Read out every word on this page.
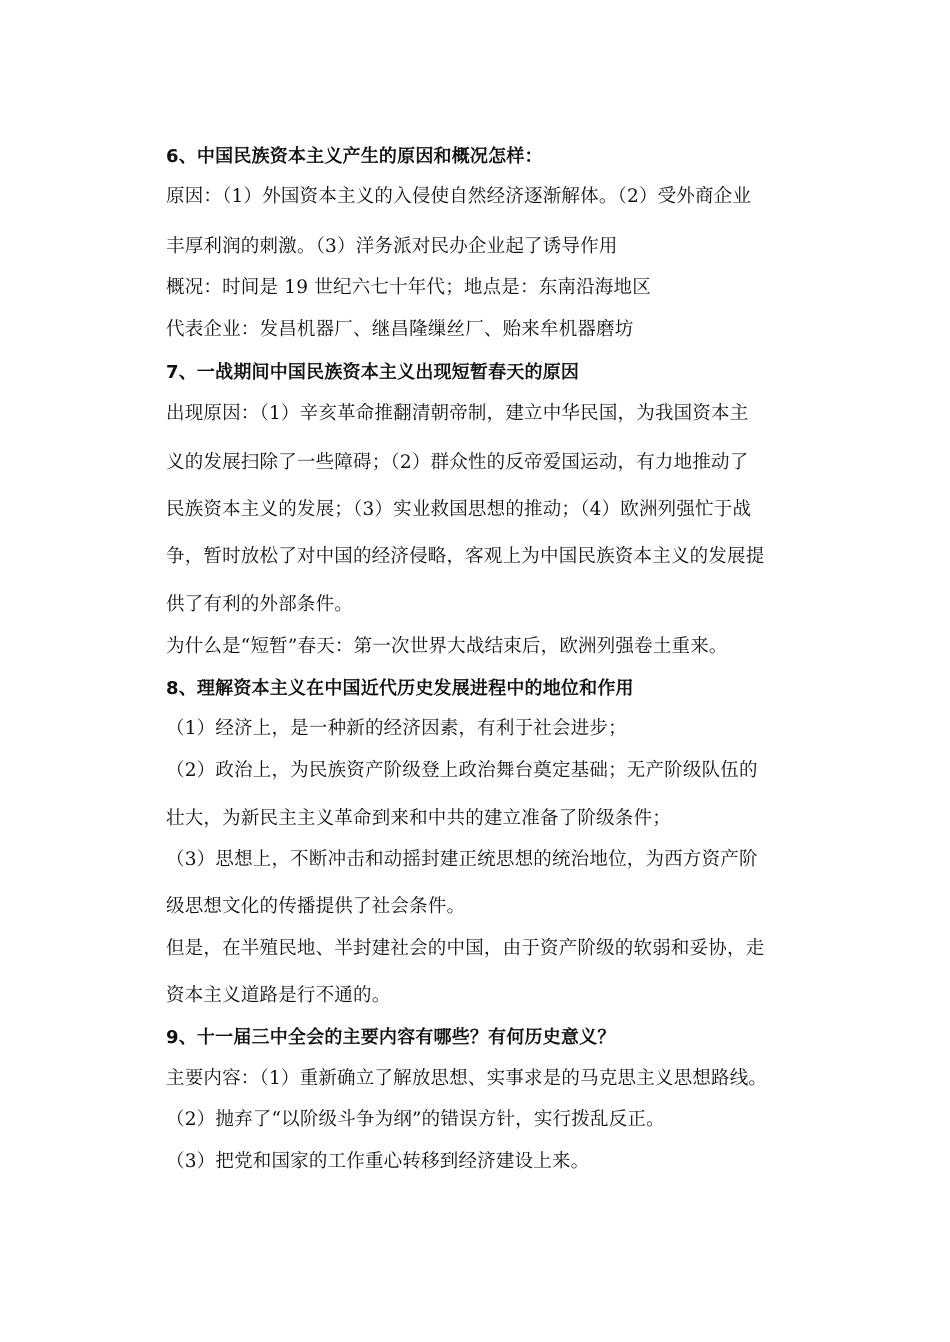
6、中国民族资本主义产生的原因和概况怎样：
原因：（1）外国资本主义的入侵使自然经济逐渐解体。（2）受外商企业
丰厚利润的刺激。（3）洋务派对民办企业起了诱导作用
概况：时间是 19 世纪六七十年代；地点是：东南沿海地区
代表企业：发昌机器厂、继昌隆缫丝厂、贻来牟机器磨坊
7、一战期间中国民族资本主义出现短暂春天的原因
出现原因：（1）辛亥革命推翻清朝帝制，建立中华民国，为我国资本主
义的发展扫除了一些障碍；（2）群众性的反帝爱国运动，有力地推动了
民族资本主义的发展；（3）实业救国思想的推动；（4）欧洲列强忙于战
争，暂时放松了对中国的经济侵略，客观上为中国民族资本主义的发展提
供了有利的外部条件。
为什么是“短暂”春天：第一次世界大战结束后，欧洲列强卷土重来。
8、理解资本主义在中国近代历史发展进程中的地位和作用
（1）经济上，是一种新的经济因素，有利于社会进步；
（2）政治上，为民族资产阶级登上政治舞台奠定基础；无产阶级队伍的
壮大，为新民主主义革命到来和中共的建立准备了阶级条件；
（3）思想上，不断冲击和动摇封建正统思想的统治地位，为西方资产阶
级思想文化的传播提供了社会条件。
但是，在半殖民地、半封建社会的中国，由于资产阶级的软弱和妥协，走
资本主义道路是行不通的。
9、十一届三中全会的主要内容有哪些？有何历史意义？
主要内容：（1）重新确立了解放思想、实事求是的马克思主义思想路线。
（2）抛弃了“以阶级斗争为纲”的错误方针，实行拨乱反正。
（3）把党和国家的工作重心转移到经济建设上来。
